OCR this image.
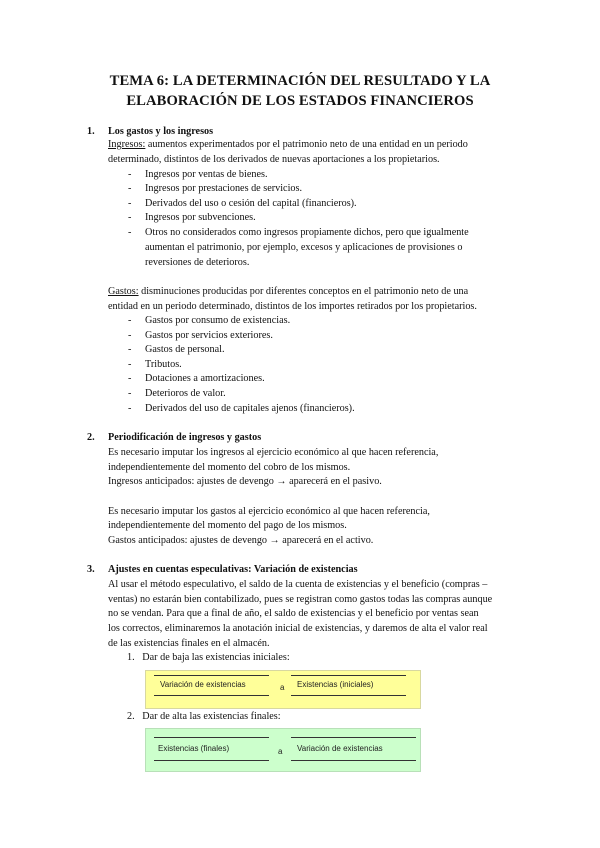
TEMA 6: LA DETERMINACIÓN DEL RESULTADO Y LA
ELABORACIÓN DE LOS ESTADOS FINANCIEROS
1. Los gastos y los ingresos
Ingresos: aumentos experimentados por el patrimonio neto de una entidad en un periodo
determinado, distintos de los derivados de nuevas aportaciones a los propietarios.
- Ingresos por ventas de bienes.
- Ingresos por prestaciones de servicios.
- Derivados del uso o cesión del capital (financieros).
- Ingresos por subvenciones.
- Otros no considerados como ingresos propiamente dichos, pero que igualmente
aumentan el patrimonio, por ejemplo, excesos y aplicaciones de provisiones o
reversiones de deterioros.
Gastos: disminuciones producidas por diferentes conceptos en el patrimonio neto de una
entidad en un periodo determinado, distintos de los importes retirados por los propietarios.
- Gastos por consumo de existencias.
- Gastos por servicios exteriores.
- Gastos de personal.
- Tributos.
- Dotaciones a amortizaciones.
- Deterioros de valor.
- Derivados del uso de capitales ajenos (financieros).
2. Periodificación de ingresos y gastos
Es necesario imputar los ingresos al ejercicio económico al que hacen referencia,
independientemente del momento del cobro de los mismos.
Ingresos anticipados: ajustes de devengo → aparecerá en el pasivo.
Es necesario imputar los gastos al ejercicio económico al que hacen referencia,
independientemente del momento del pago de los mismos.
Gastos anticipados: ajustes de devengo → aparecerá en el activo.
3. Ajustes en cuentas especulativas: Variación de existencias
Al usar el método especulativo, el saldo de la cuenta de existencias y el beneficio (compras –
ventas) no estarán bien contabilizado, pues se registran como gastos todas las compras aunque
no se vendan. Para que a final de año, el saldo de existencias y el beneficio por ventas sean
los correctos, eliminaremos la anotación inicial de existencias, y daremos de alta el valor real
de las existencias finales en el almacén.
1.   Dar de baja las existencias iniciales:
Variación de existencias	a Existencias (iniciales)
2.   Dar de alta las existencias finales:
Existencias (finales)	a Variación de existencias
